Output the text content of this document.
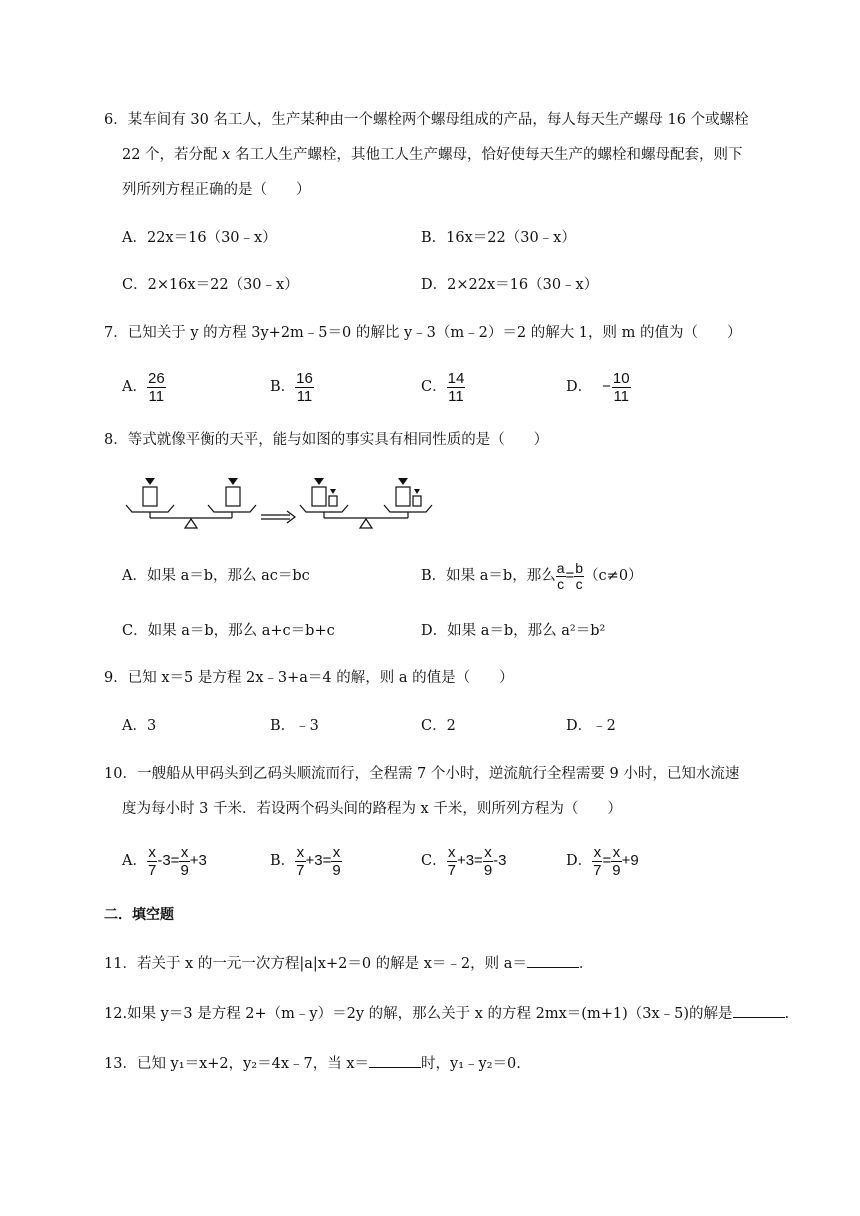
6．某车间有 30 名工人，生产某种由一个螺栓两个螺母组成的产品，每人每天生产螺母 16 个或螺栓
22 个，若分配 x 名工人生产螺栓，其他工人生产螺母，恰好使每天生产的螺栓和螺母配套，则下
列所列方程正确的是（　　）
A．22x＝16（30﹣x）	B．16x＝22（30﹣x）
C．2×16x＝22（30﹣x）	D．2×22x＝16（30﹣x）
7．已知关于 y 的方程 3y+2m﹣5＝0 的解比 y﹣3（m﹣2）＝2 的解大 1，则 m 的值为（　　）
A． $\frac{26}{11}$	B． $\frac{16}{11}$	C． $\frac{14}{11}$	D． − $\frac{10}{11}$
8．等式就像平衡的天平，能与如图的事实具有相同性质的是（　　）
A．如果 a＝b，那么 ac＝bc	B．如果 a＝b，那么 $\frac{a}{c} = \frac{b}{c} (c\ne 0)$
C．如果 a＝b，那么 a+c＝b+c	D．如果 a＝b，那么 a²＝b²
9．已知 x＝5 是方程 2x﹣3+a＝4 的解，则 a 的值是（　　）
A．3	B．﹣3	C．2	D．﹣2
10．一艘船从甲码头到乙码头顺流而行，全程需 7 个小时，逆流航行全程需要 9 小时，已知水流速
度为每小时 3 千米．若设两个码头间的路程为 x 千米，则所列方程为（　　）
A． $\frac{x}{7} -3= \frac{x}{9} +3$	B． $\frac{x}{7} +3= \frac{x}{9}$	C． $\frac{x}{7} +3= \frac{x}{9} -3$	D． $\frac{x}{7} = \frac{x}{9} +9$
二．填空题
11．若关于 x 的一元一次方程|a|x+2＝0 的解是 x＝﹣2，则 a＝	．
12.如果 y＝3 是方程 2+（m﹣y）＝2y 的解，那么关于 x 的方程 2mx＝(m+1)（3x﹣5)的解是	.
13．已知 y₁＝x+2，y₂＝4x﹣7，当 x＝	时，y₁﹣y₂＝0.
